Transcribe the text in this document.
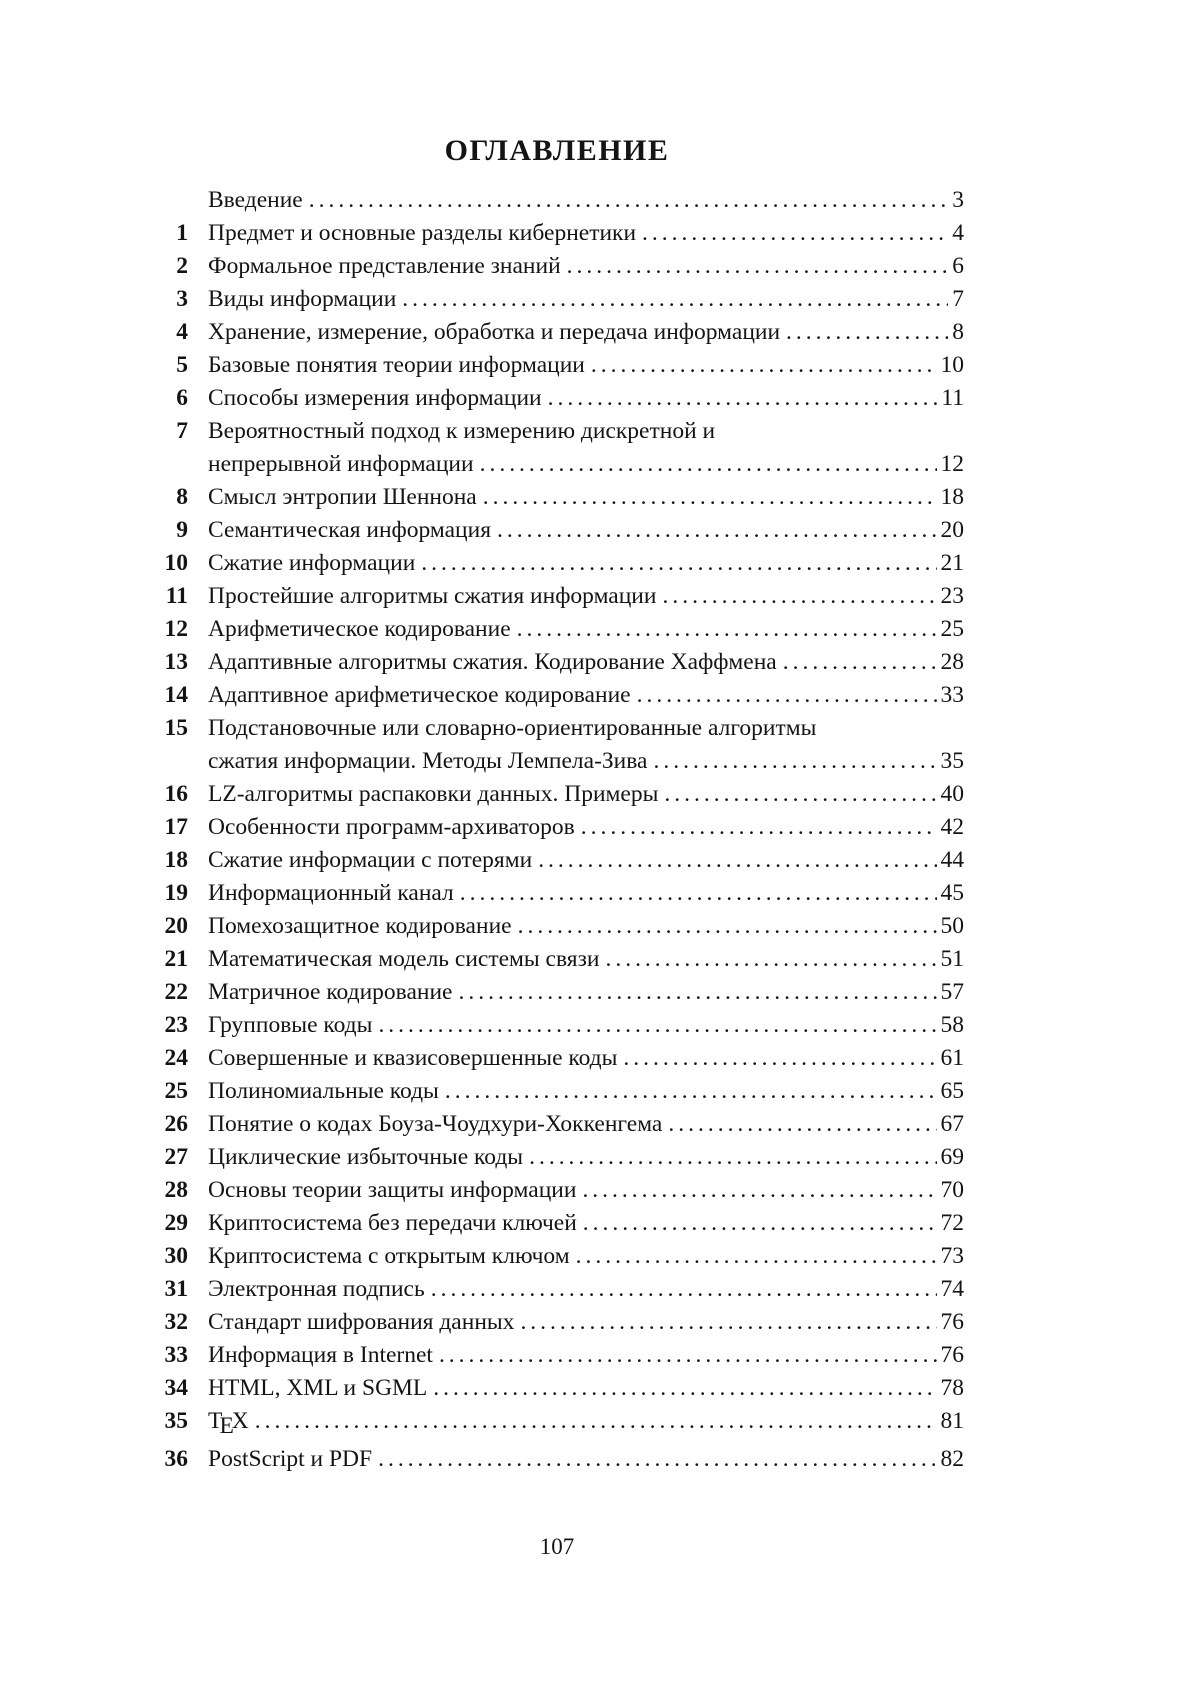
ОГЛАВЛЕНИЕ
Введение .....	3
1 Предмет и основные разделы кибернетики .....	4
2 Формальное представление знаний .....	6
3 Виды информации .....	7
4 Хранение, измерение, обработка и передача информации .....	8
5 Базовые понятия теории информации .....	10
6 Способы измерения информации .....	11
7 Вероятностный подход к измерению дискретной и
непрерывной информации .....	12
8 Смысл энтропии Шеннона .....	18
9 Семантическая информация .....	20
10 Сжатие информации .....	21
11 Простейшие алгоритмы сжатия информации .....	23
12 Арифметическое кодирование .....	25
13 Адаптивные алгоритмы сжатия. Кодирование Хаффмена .....	28
14 Адаптивное арифметическое кодирование .....	33
15 Подстановочные или словарно-ориентированные алгоритмы
сжатия информации. Методы Лемпела-Зива .....	35
16 LZ-алгоритмы распаковки данных. Примеры .....	40
17 Особенности программ-архиваторов .....	42
18 Сжатие информации с потерями .....	44
19 Информационный канал .....	45
20 Помехозащитное кодирование .....	50
21 Математическая модель системы связи .....	51
22 Матричное кодирование .....	57
23 Групповые коды .....	58
24 Совершенные и квазисовершенные коды .....	61
25 Полиномиальные коды .....	65
26 Понятие о кодах Боуза-Чоудхури-Хоккенгема .....	67
27 Циклические избыточные коды .....	69
28 Основы теории защиты информации .....	70
29 Криптосистема без передачи ключей .....	72
30 Криптосистема с открытым ключом .....	73
31 Электронная подпись .....	74
32 Стандарт шифрования данных .....	76
33 Информация в Internet .....	76
34 HTML, XML и SGML .....	78
35 TEX .....	81
36 PostScript и PDF .....	82
107
